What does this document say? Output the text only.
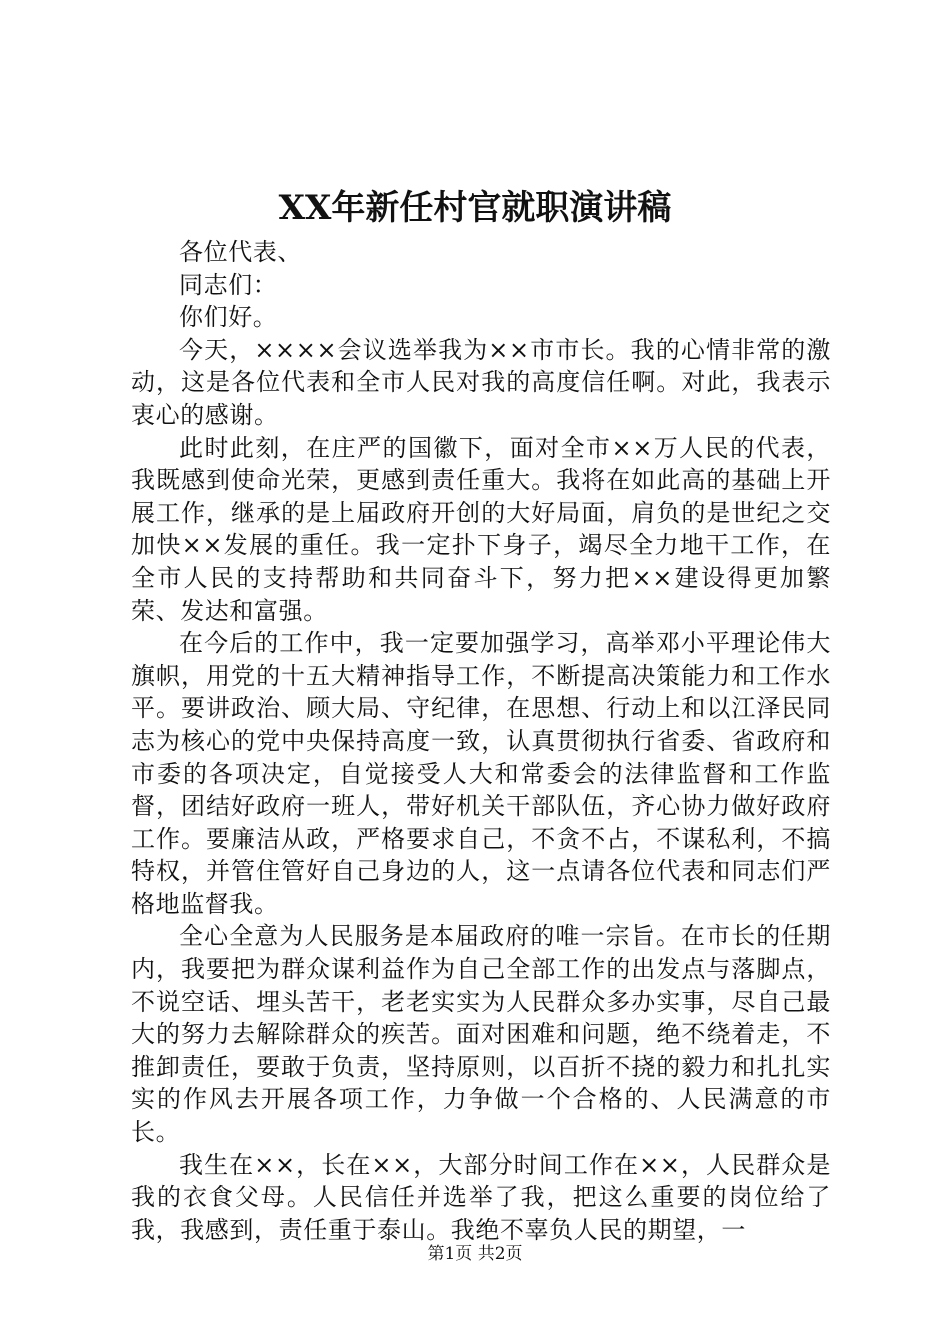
XX年新任村官就职演讲稿

各位代表、

同志们：

你们好。

今天，××××会议选举我为××市市长。我的心情非常的激动，这是各位代表和全市人民对我的高度信任啊。对此，我表示衷心的感谢。

此时此刻，在庄严的国徽下，面对全市××万人民的代表，我既感到使命光荣，更感到责任重大。我将在如此高的基础上开展工作，继承的是上届政府开创的大好局面，肩负的是世纪之交加快××发展的重任。我一定扑下身子，竭尽全力地干工作，在全市人民的支持帮助和共同奋斗下，努力把××建设得更加繁荣、发达和富强。

在今后的工作中，我一定要加强学习，高举邓小平理论伟大旗帜，用党的十五大精神指导工作，不断提高决策能力和工作水平。要讲政治、顾大局、守纪律，在思想、行动上和以江泽民同志为核心的党中央保持高度一致，认真贯彻执行省委、省政府和市委的各项决定，自觉接受人大和常委会的法律监督和工作监督，团结好政府一班人，带好机关干部队伍，齐心协力做好政府工作。要廉洁从政，严格要求自己，不贪不占，不谋私利，不搞特权，并管住管好自己身边的人，这一点请各位代表和同志们严格地监督我。

全心全意为人民服务是本届政府的唯一宗旨。在市长的任期内，我要把为群众谋利益作为自己全部工作的出发点与落脚点，不说空话、埋头苦干，老老实实为人民群众多办实事，尽自己最大的努力去解除群众的疾苦。面对困难和问题，绝不绕着走，不推卸责任，要敢于负责，坚持原则，以百折不挠的毅力和扎扎实实的作风去开展各项工作，力争做一个合格的、人民满意的市长。

我生在××，长在××，大部分时间工作在××，人民群众是我的衣食父母。人民信任并选举了我，把这么重要的岗位给了我，我感到，责任重于泰山。我绝不辜负人民的期望，一

第1页 共2页
